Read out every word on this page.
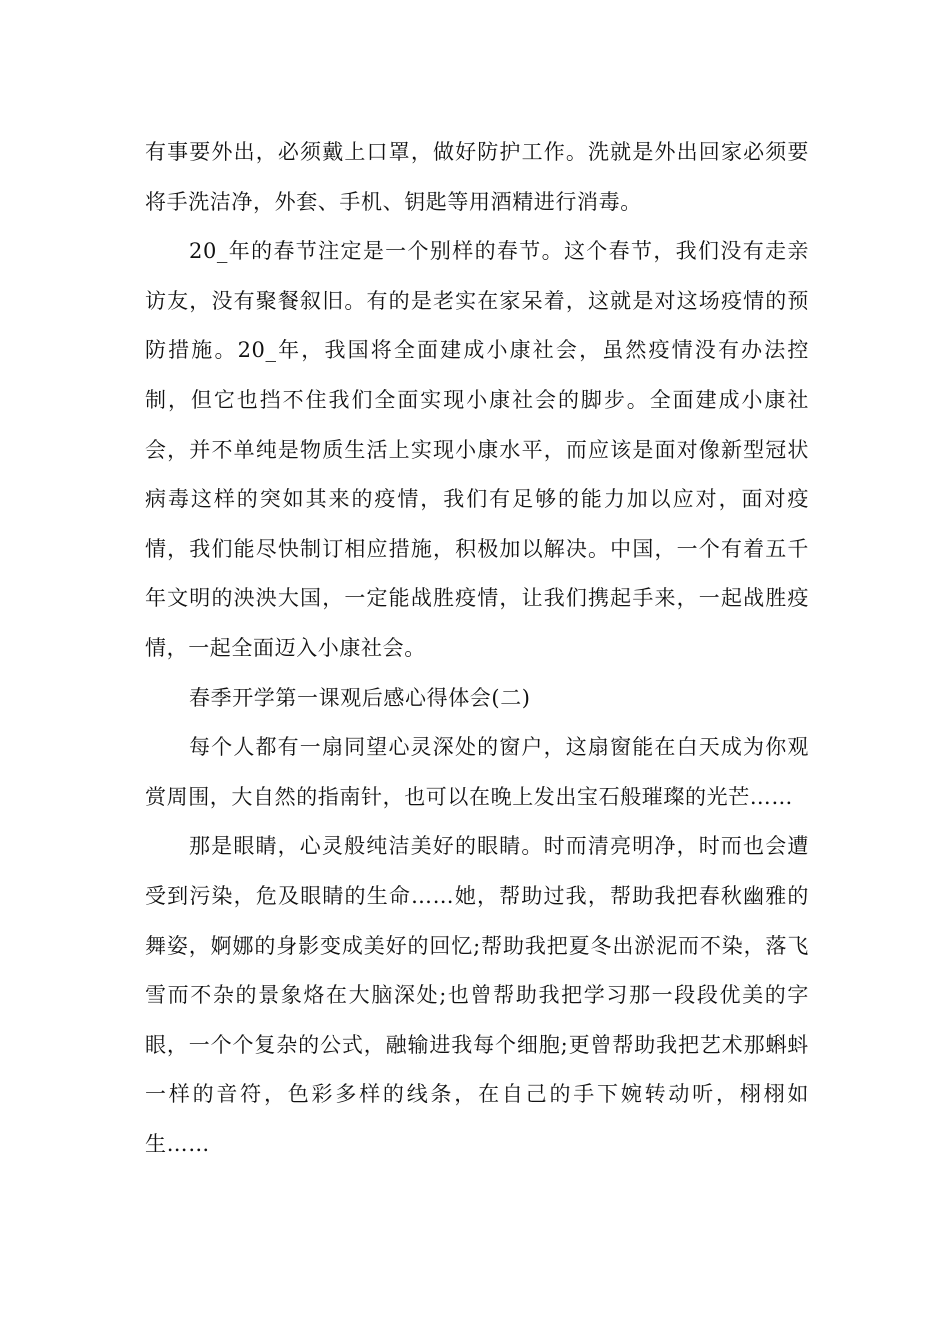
有事要外出，必须戴上口罩，做好防护工作。洗就是外出回家必须要将手洗洁净，外套、手机、钥匙等用酒精进行消毒。

20_年的春节注定是一个别样的春节。这个春节，我们没有走亲访友，没有聚餐叙旧。有的是老实在家呆着，这就是对这场疫情的预防措施。20_年，我国将全面建成小康社会，虽然疫情没有办法控制，但它也挡不住我们全面实现小康社会的脚步。全面建成小康社会，并不单纯是物质生活上实现小康水平，而应该是面对像新型冠状病毒这样的突如其来的疫情，我们有足够的能力加以应对，面对疫情，我们能尽快制订相应措施，积极加以解决。中国，一个有着五千年文明的泱泱大国，一定能战胜疫情，让我们携起手来，一起战胜疫情，一起全面迈入小康社会。

春季开学第一课观后感心得体会(二)

每个人都有一扇同望心灵深处的窗户，这扇窗能在白天成为你观赏周围，大自然的指南针，也可以在晚上发出宝石般璀璨的光芒……

那是眼睛，心灵般纯洁美好的眼睛。时而清亮明净，时而也会遭受到污染，危及眼睛的生命……她，帮助过我，帮助我把春秋幽雅的舞姿，婀娜的身影变成美好的回忆;帮助我把夏冬出淤泥而不染，落飞雪而不杂的景象烙在大脑深处;也曾帮助我把学习那一段段优美的字眼，一个个复杂的公式，融输进我每个细胞;更曾帮助我把艺术那蝌蚪一样的音符，色彩多样的线条，在自己的手下婉转动听，栩栩如生……
